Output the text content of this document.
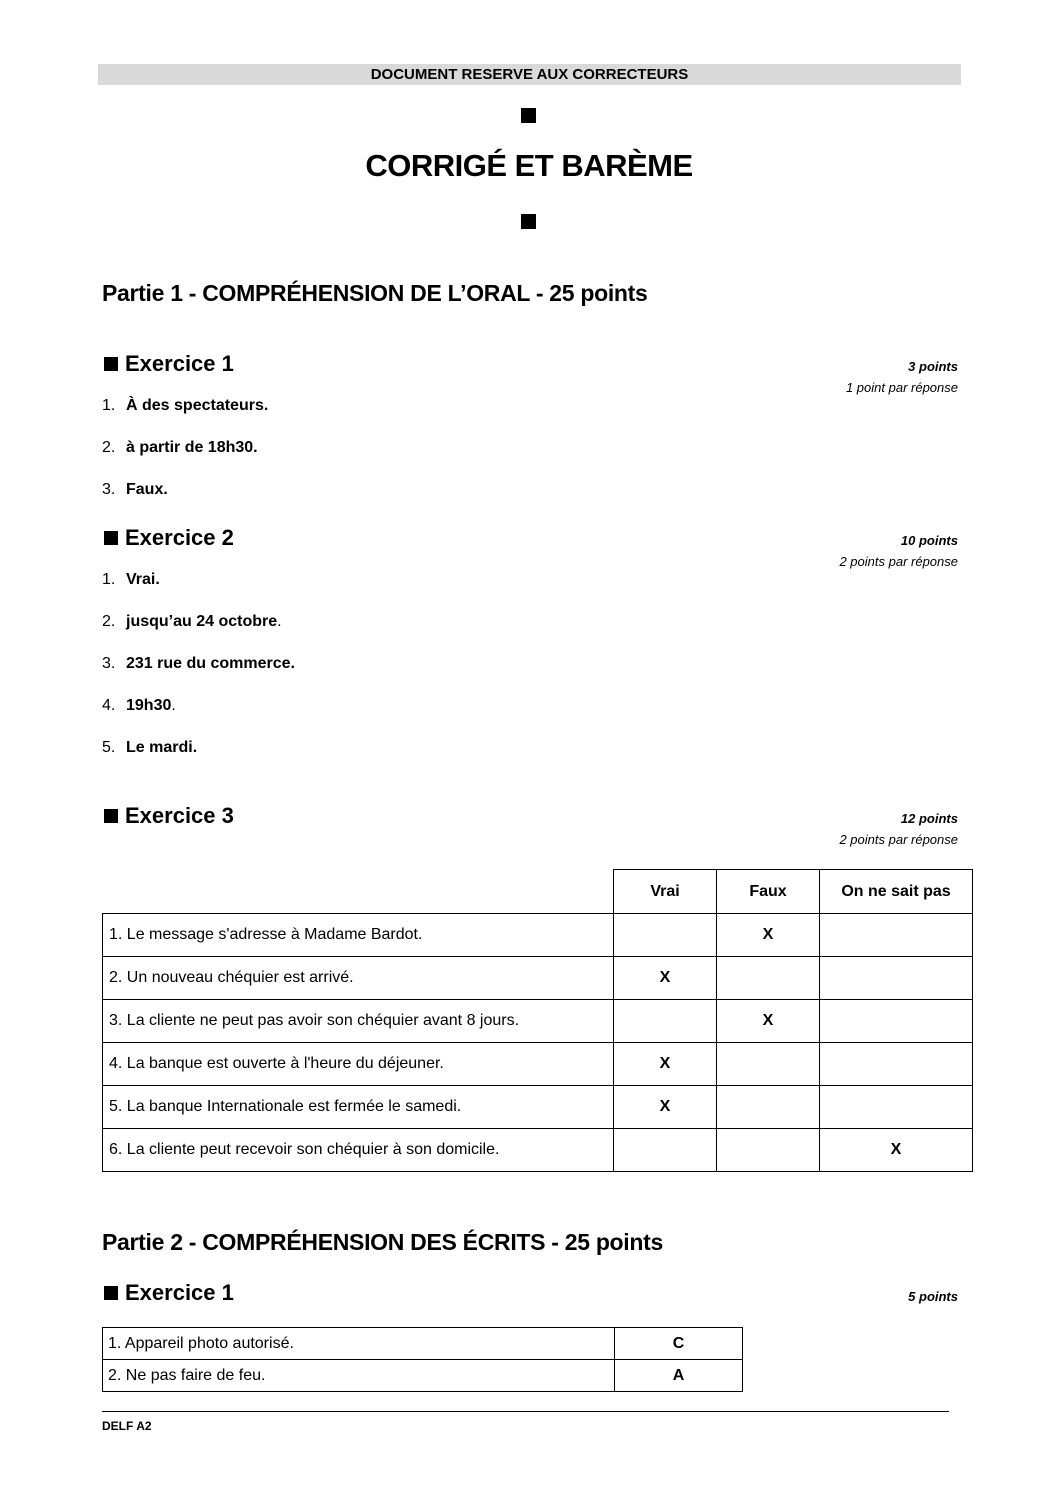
DOCUMENT RESERVE AUX CORRECTEURS
CORRIGÉ ET BARÈME
Partie 1 - COMPRÉHENSION DE L’ORAL - 25 points
Exercice 1	3 points
1 point par réponse
1. À des spectateurs.
2. à partir de 18h30.
3. Faux.
Exercice 2	10 points
2 points par réponse
1. Vrai.
2. jusqu’au 24 octobre.
3. 231 rue du commerce.
4. 19h30.
5. Le mardi.
Exercice 3	12 points
2 points par réponse
	Vrai	Faux	On ne sait pas
1. Le message s'adresse à Madame Bardot.		X	
2. Un nouveau chéquier est arrivé.	X		
3. La cliente ne peut pas avoir son chéquier avant 8 jours.		X	
4. La banque est ouverte à l'heure du déjeuner.	X		
5. La banque Internationale est fermée le samedi.	X		
6. La cliente peut recevoir son chéquier à son domicile.			X
Partie 2 - COMPRÉHENSION DES ÉCRITS - 25 points
Exercice 1	5 points
1. Appareil photo autorisé.	C
2. Ne pas faire de feu.	A
DELF A2
